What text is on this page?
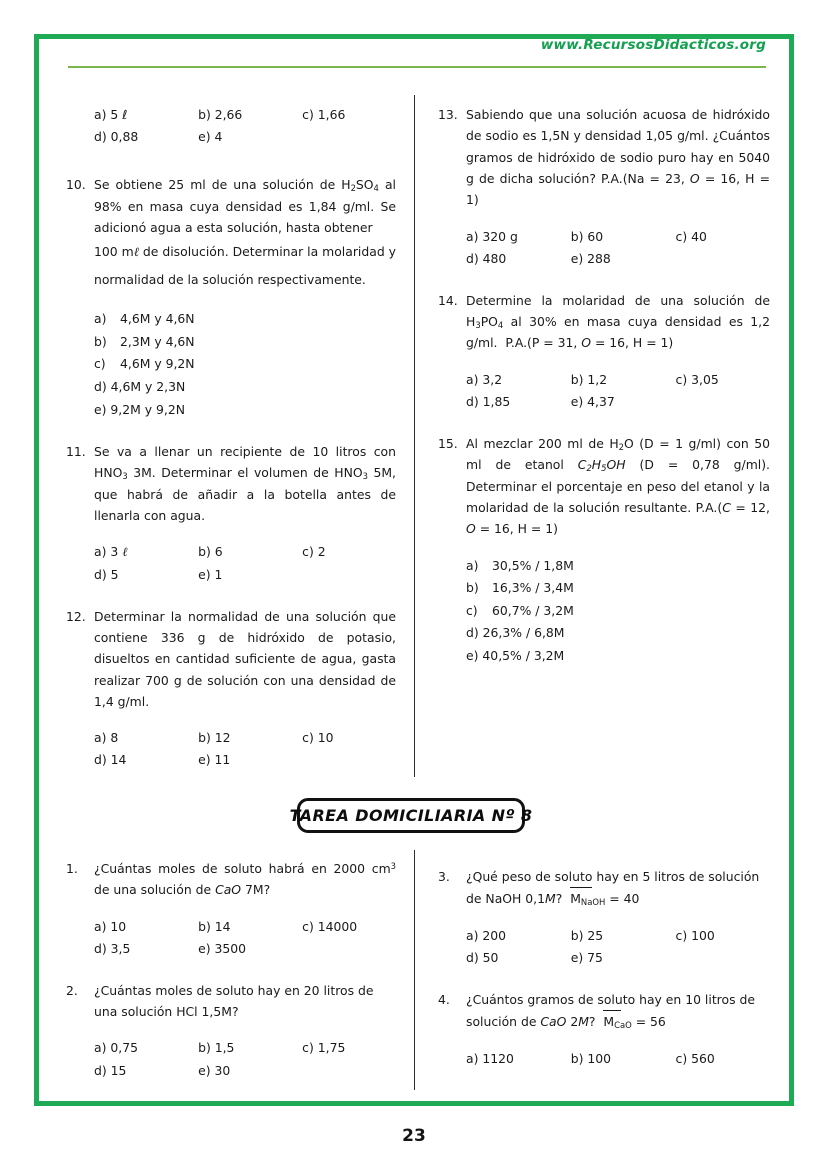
www.RecursosDidacticos.org
a) 5 ℓ	b) 2,66	c) 1,66
d) 0,88	e) 4
10. Se obtiene 25 ml de una solución de $H_2SO_4$ al 98% en masa cuya densidad es 1,84 g/ml. Se adicionó agua a esta solución, hasta obtener
100 mℓ de disolución. Determinar la molaridad y normalidad de la solución respectivamente.
a)	4,6M y 4,6N
b)	2,3M y 4,6N
c)	4,6M y 9,2N
d) 4,6M y 2,3N
e) 9,2M y 9,2N
11. Se va a llenar un recipiente de 10 litros con $HNO_3$ 3M. Determinar el volumen de $HNO_3$ 5M, que habrá de añadir a la botella antes de llenarla con agua.
a) 3 ℓ	b) 6	c) 2
d) 5	e) 1
12. Determinar la normalidad de una solución que contiene 336 g de hidróxido de potasio, disueltos en cantidad suficiente de agua, gasta realizar 700 g de solución con una densidad de 1,4 g/ml.
a) 8	b) 12	c) 10
d) 14	e) 11
13. Sabiendo que una solución acuosa de hidróxido de sodio es 1,5N y densidad 1,05 g/ml. ¿Cuántos gramos de hidróxido de sodio puro hay en 5040 g de dicha solución? P.A.(Na = 23, O = 16, H = 1)
a) 320 g	b) 60	c) 40
d) 480	e) 288
14. Determine la molaridad de una solución de $H_3PO_4$ al 30% en masa cuya densidad es 1,2 g/ml.  P.A.(P = 31, O = 16, H = 1)
a) 3,2	b) 1,2	c) 3,05
d) 1,85	e) 4,37
15. Al mezclar 200 ml de $H_2O$ (D = 1 g/ml) con 50 ml de etanol $C_2H_5OH$ (D = 0,78 g/ml). Determinar el porcentaje en peso del etanol y la molaridad de la solución resultante. P.A.(C = 12, O = 16, H = 1)
a)	30,5% / 1,8M
b)	16,3% / 3,4M
c)	60,7% / 3,2M
d) 26,3% / 6,8M
e) 40,5% / 3,2M
TAREA DOMICILIARIA Nº 8
1.	¿Cuántas moles de soluto habrá en 2000 $cm^3$ de una solución de CaO 7M?
a) 10	b) 14	c) 14000
d) 3,5	e) 3500
2.	¿Cuántas moles de soluto hay en 20 litros de una solución HCl 1,5M?
a) 0,75	b) 1,5	c) 1,75
d) 15	e) 30
3.	¿Qué peso de soluto hay en 5 litros de solución de NaOH 0,1M?  $M_{NaOH} = 40$
a) 200	b) 25	c) 100
d) 50	e) 75
4.	¿Cuántos gramos de soluto hay en 10 litros de solución de CaO 2M?  $M_{CaO} = 56$
a) 1120	b) 100	c) 560
23
